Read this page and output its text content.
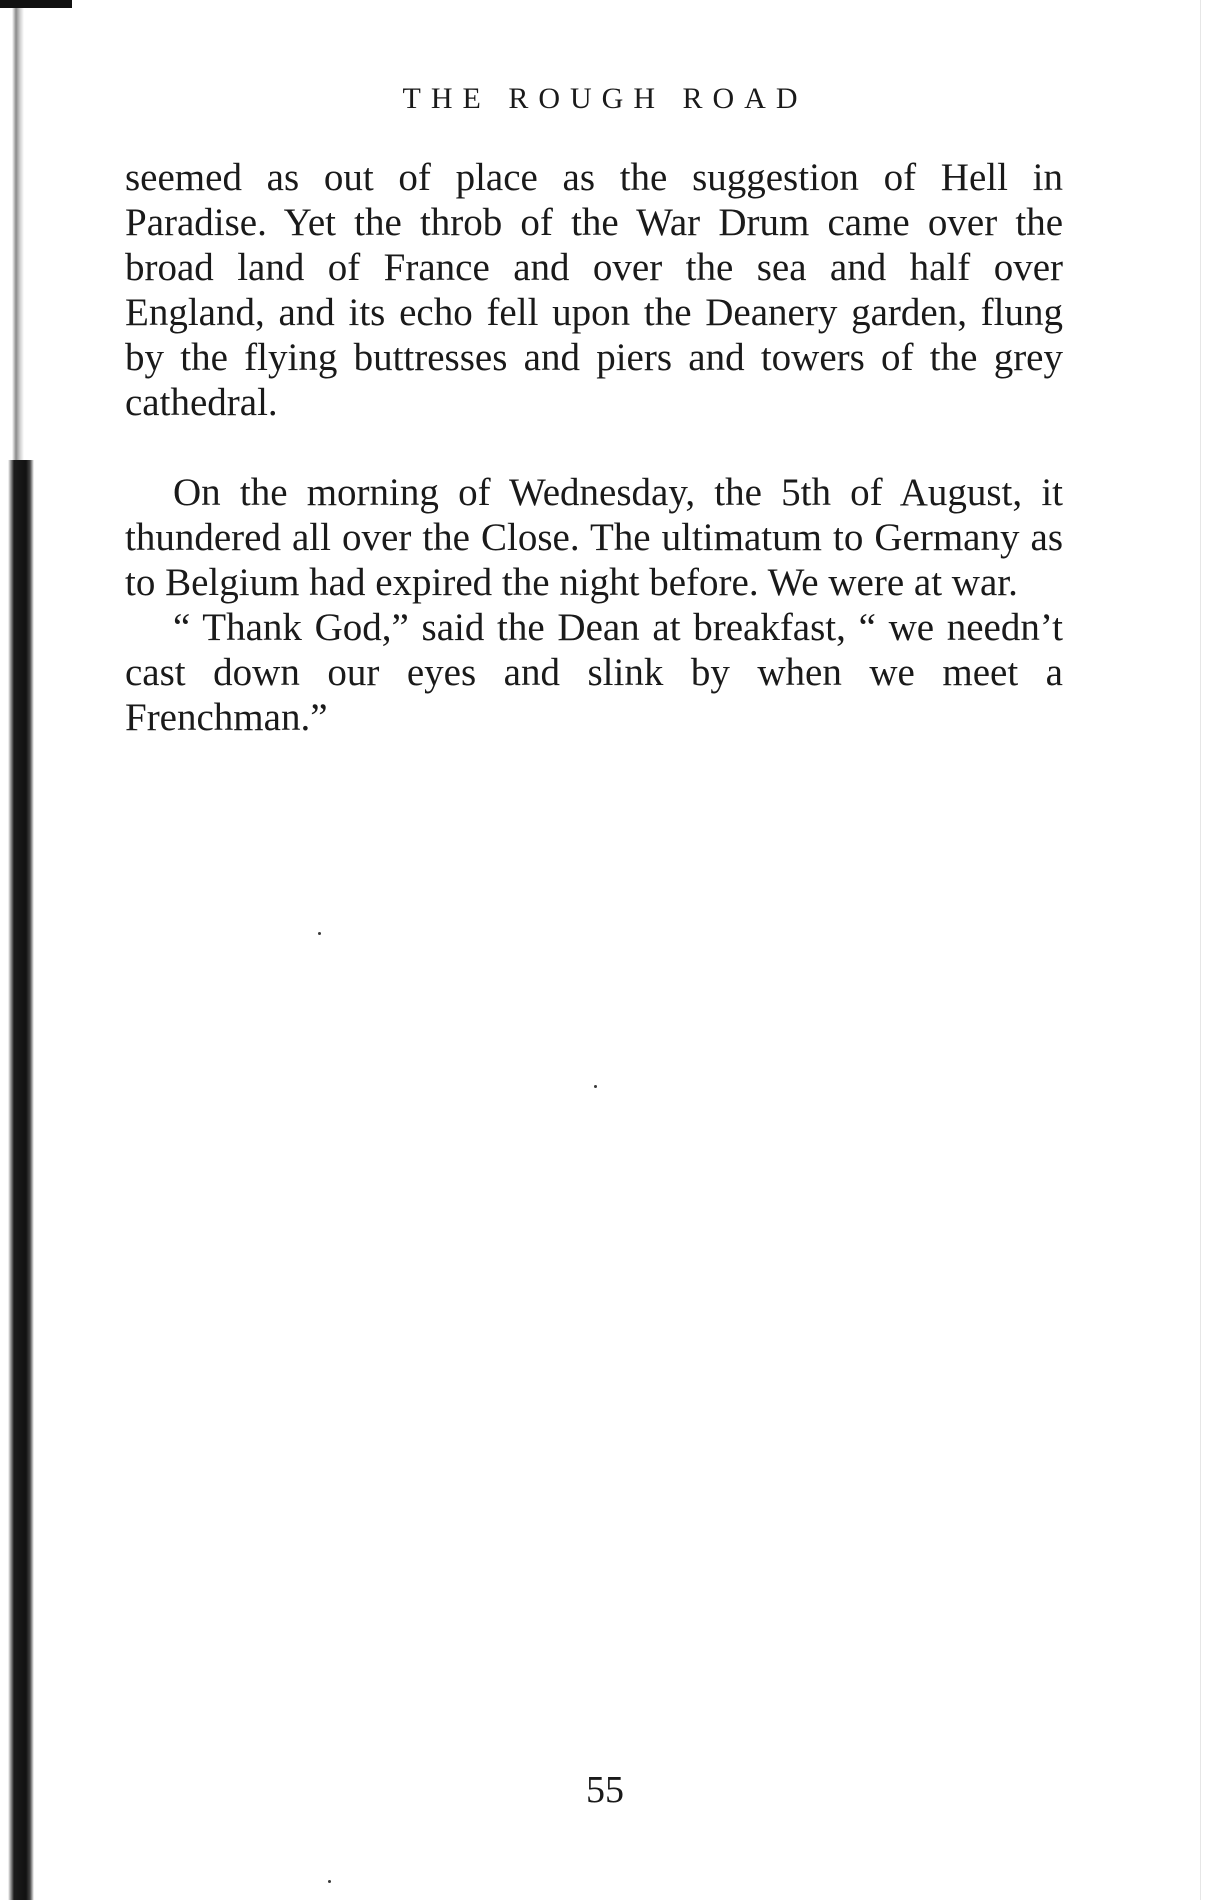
THE ROUGH ROAD

seemed as out of place as the suggestion of Hell in Paradise. Yet the throb of the War Drum came over the broad land of France and over the sea and half over England, and its echo fell upon the Deanery garden, flung by the flying buttresses and piers and towers of the grey cathedral.

On the morning of Wednesday, the 5th of August, it thundered all over the Close. The ultimatum to Germany as to Belgium had expired the night before. We were at war.

“ Thank God,” said the Dean at breakfast, “ we needn’t cast down our eyes and slink by when we meet a Frenchman.”

55
